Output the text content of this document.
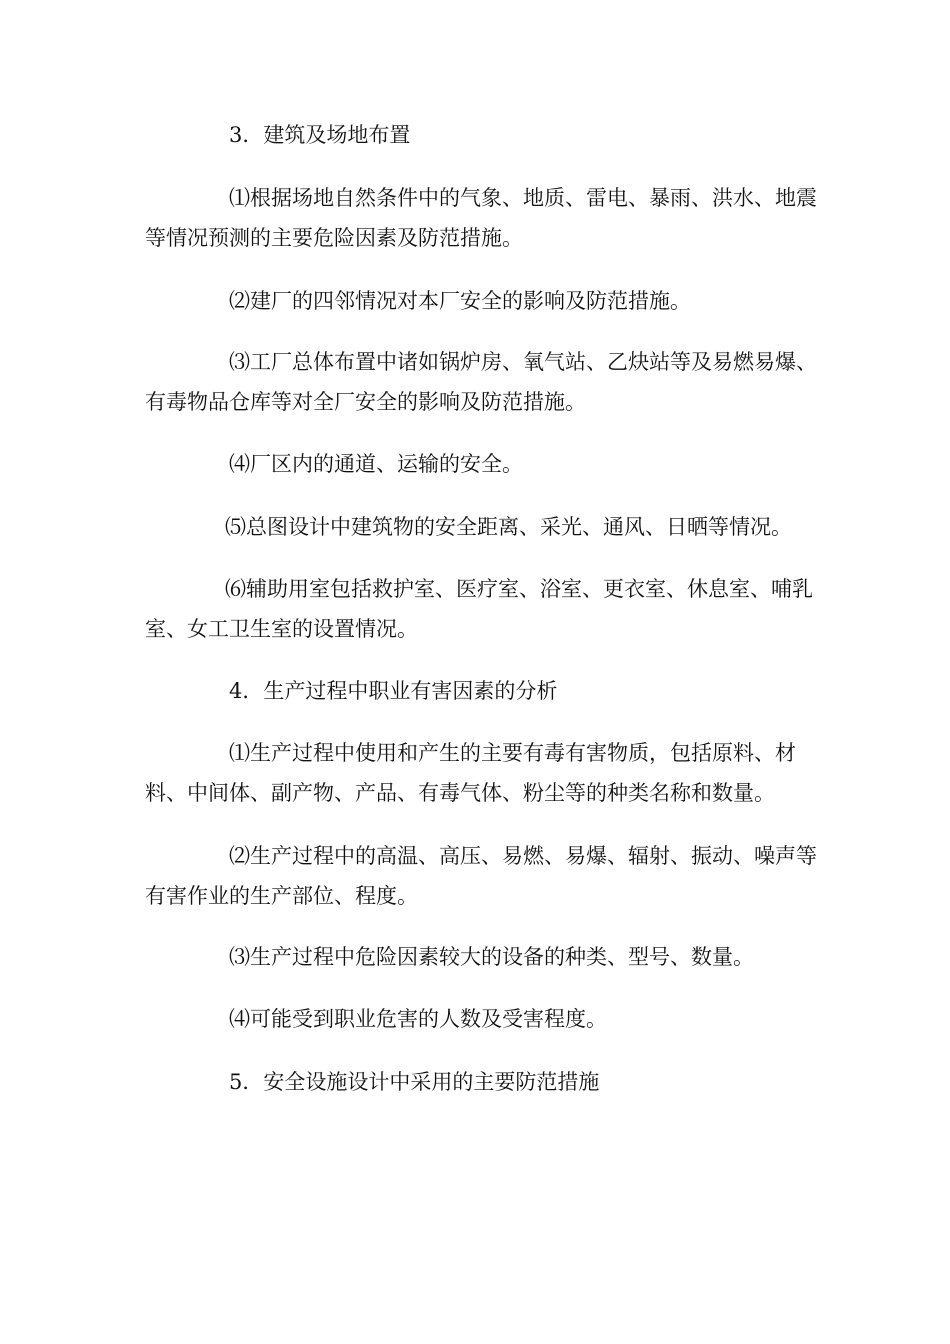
3．建筑及场地布置

⑴根据场地自然条件中的气象、地质、雷电、暴雨、洪水、地震等情况预测的主要危险因素及防范措施。

⑵建厂的四邻情况对本厂安全的影响及防范措施。

⑶工厂总体布置中诸如锅炉房、氧气站、乙炔站等及易燃易爆、有毒物品仓库等对全厂安全的影响及防范措施。

⑷厂区内的通道、运输的安全。

⑸总图设计中建筑物的安全距离、采光、通风、日晒等情况。

⑹辅助用室包括救护室、医疗室、浴室、更衣室、休息室、哺乳室、女工卫生室的设置情况。

4．生产过程中职业有害因素的分析

⑴生产过程中使用和产生的主要有毒有害物质，包括原料、材料、中间体、副产物、产品、有毒气体、粉尘等的种类名称和数量。

⑵生产过程中的高温、高压、易燃、易爆、辐射、振动、噪声等有害作业的生产部位、程度。

⑶生产过程中危险因素较大的设备的种类、型号、数量。

⑷可能受到职业危害的人数及受害程度。

5．安全设施设计中采用的主要防范措施
